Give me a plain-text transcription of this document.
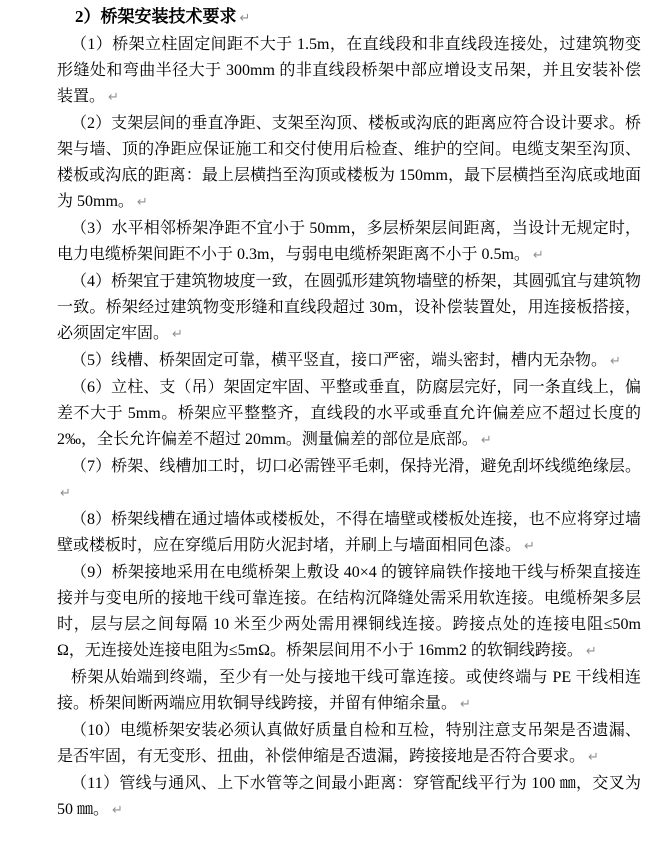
2）桥架安装技术要求 ↵

（1）桥架立柱固定间距不大于 1.5m，在直线段和非直线段连接处，过建筑物变形缝处和弯曲半径大于 300mm 的非直线段桥架中部应增设支吊架，并且安装补偿装置。 ↵

（2）支架层间的垂直净距、支架至沟顶、楼板或沟底的距离应符合设计要求。桥架与墙、顶的净距应保证施工和交付使用后检查、维护的空间。电缆支架至沟顶、楼板或沟底的距离：最上层横挡至沟顶或楼板为 150mm，最下层横挡至沟底或地面为 50mm。 ↵

（3）水平相邻桥架净距不宜小于 50mm，多层桥架层间距离，当设计无规定时，电力电缆桥架间距不小于 0.3m，与弱电电缆桥架距离不小于 0.5m。 ↵

（4）桥架宜于建筑物坡度一致，在圆弧形建筑物墙壁的桥架，其圆弧宜与建筑物一致。桥架经过建筑物变形缝和直线段超过 30m，设补偿装置处，用连接板搭接，必须固定牢固。 ↵

（5）线槽、桥架固定可靠，横平竖直，接口严密，端头密封，槽内无杂物。 ↵

（6）立柱、支（吊）架固定牢固、平整或垂直，防腐层完好，同一条直线上，偏差不大于 5mm。桥架应平整整齐，直线段的水平或垂直允许偏差应不超过长度的 2‰，全长允许偏差不超过 20mm。测量偏差的部位是底部。 ↵

（7）桥架、线槽加工时，切口必需锉平毛刺，保持光滑，避免刮坏线缆绝缘层。↵

（8）桥架线槽在通过墙体或楼板处，不得在墙壁或楼板处连接，也不应将穿过墙壁或楼板时，应在穿缆后用防火泥封堵，并刷上与墙面相同色漆。 ↵

（9）桥架接地采用在电缆桥架上敷设 40×4 的镀锌扁铁作接地干线与桥架直接连接并与变电所的接地干线可靠连接。在结构沉降缝处需采用软连接。电缆桥架多层时，层与层之间每隔 10 米至少两处需用裸铜线连接。跨接点处的连接电阻≤50mΩ，无连接处连接电阻为≤5mΩ。桥架层间用不小于 16mm2 的软铜线跨接。 ↵

桥架从始端到终端，至少有一处与接地干线可靠连接。或使终端与 PE 干线相连接。桥架间断两端应用软铜导线跨接，并留有伸缩余量。 ↵

（10）电缆桥架安装必须认真做好质量自检和互检，特别注意支吊架是否遗漏、是否牢固，有无变形、扭曲，补偿伸缩是否遗漏，跨接接地是否符合要求。 ↵

（11）管线与通风、上下水管等之间最小距离：穿管配线平行为 100 ㎜，交叉为 50 ㎜。 ↵
